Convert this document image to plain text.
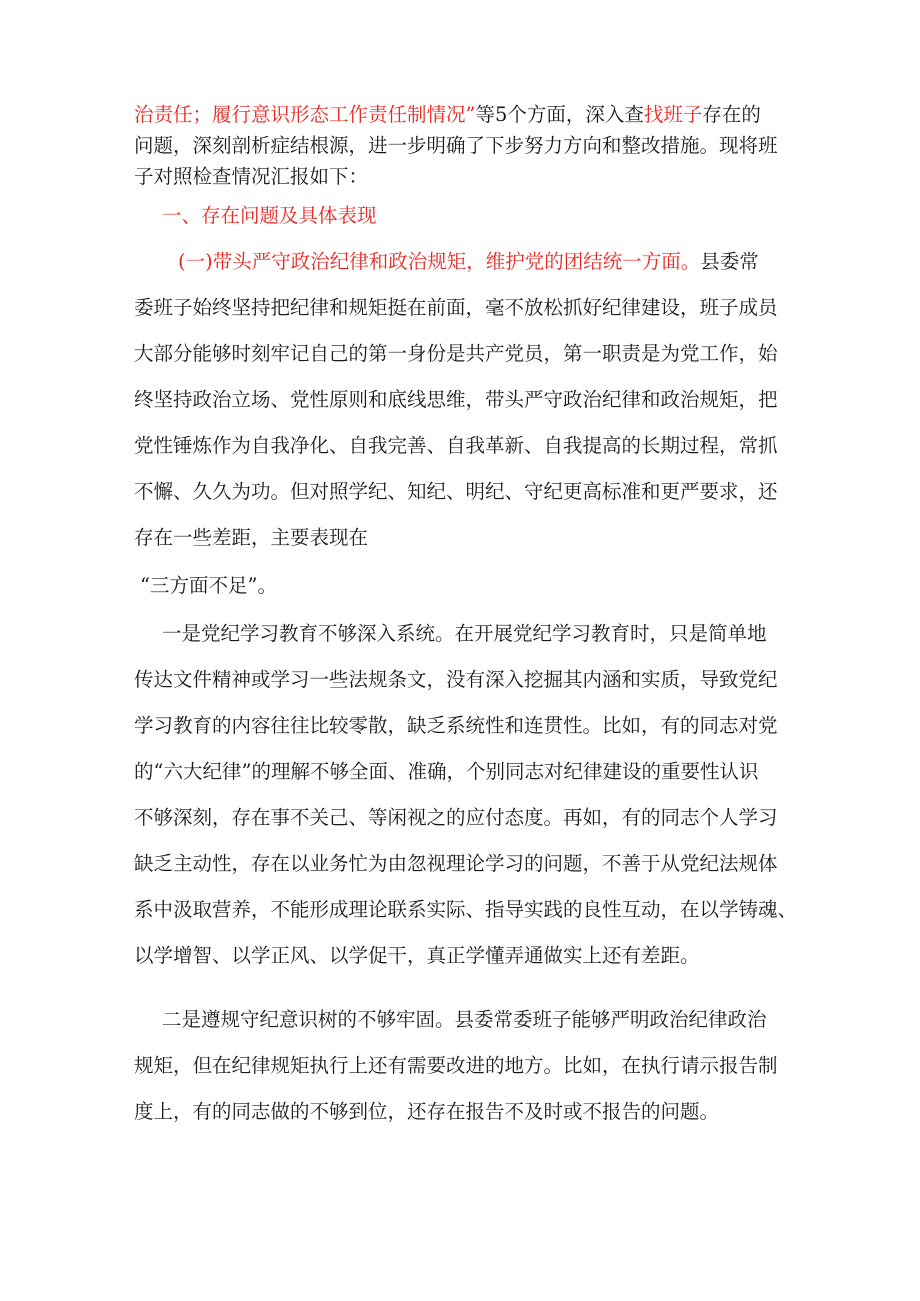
治责任；履行意识形态工作责任制情况”等5个方面，深入查找班子存在的
问题，深刻剖析症结根源，进一步明确了下步努力方向和整改措施。现将班
子对照检查情况汇报如下：
一、存在问题及具体表现
(一)带头严守政治纪律和政治规矩，维护党的团结统一方面。县委常
委班子始终坚持把纪律和规矩挺在前面，毫不放松抓好纪律建设，班子成员
大部分能够时刻牢记自己的第一身份是共产党员，第一职责是为党工作，始
终坚持政治立场、党性原则和底线思维，带头严守政治纪律和政治规矩，把
党性锤炼作为自我净化、自我完善、自我革新、自我提高的长期过程，常抓
不懈、久久为功。但对照学纪、知纪、明纪、守纪更高标准和更严要求，还
存在一些差距，主要表现在
“三方面不足”。
一是党纪学习教育不够深入系统。在开展党纪学习教育时，只是简单地
传达文件精神或学习一些法规条文，没有深入挖掘其内涵和实质，导致党纪
学习教育的内容往往比较零散，缺乏系统性和连贯性。比如，有的同志对党
的“六大纪律”的理解不够全面、准确，个别同志对纪律建设的重要性认识
不够深刻，存在事不关己、等闲视之的应付态度。再如，有的同志个人学习
缺乏主动性，存在以业务忙为由忽视理论学习的问题，不善于从党纪法规体
系中汲取营养，不能形成理论联系实际、指导实践的良性互动，在以学铸魂、
以学增智、以学正风、以学促干，真正学懂弄通做实上还有差距。
二是遵规守纪意识树的不够牢固。县委常委班子能够严明政治纪律政治
规矩，但在纪律规矩执行上还有需要改进的地方。比如，在执行请示报告制
度上，有的同志做的不够到位，还存在报告不及时或不报告的问题。
